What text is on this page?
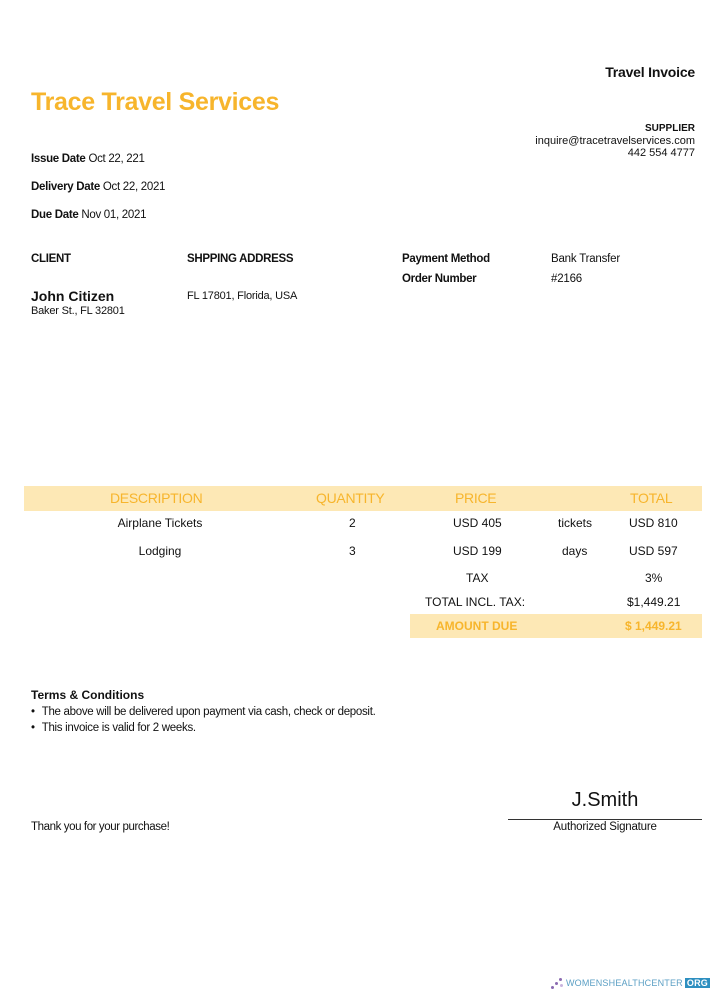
Travel Invoice
Trace Travel Services
SUPPLIER
inquire@tracetravelservices.com
442 554 4777
Issue Date Oct 22, 221
Delivery Date Oct 22, 2021
Due Date Nov 01, 2021
CLIENT
John Citizen
Baker St., FL 32801
SHPPING ADDRESS
FL 17801, Florida, USA
Payment Method	Bank Transfer
Order Number	#2166
DESCRIPTION	QUANTITY	PRICE	TOTAL
Airplane Tickets	2	USD 405	tickets	USD 810
Lodging	3	USD 199	days	USD 597
TAX	3%
TOTAL INCL. TAX:	$1,449.21
AMOUNT DUE	$ 1,449.21
Terms & Conditions
• The above will be delivered upon payment via cash, check or deposit.
• This invoice is valid for 2 weeks.
Thank you for your purchase!
J.Smith
Authorized Signature
WOMENSHEALTHCENTER ORG
